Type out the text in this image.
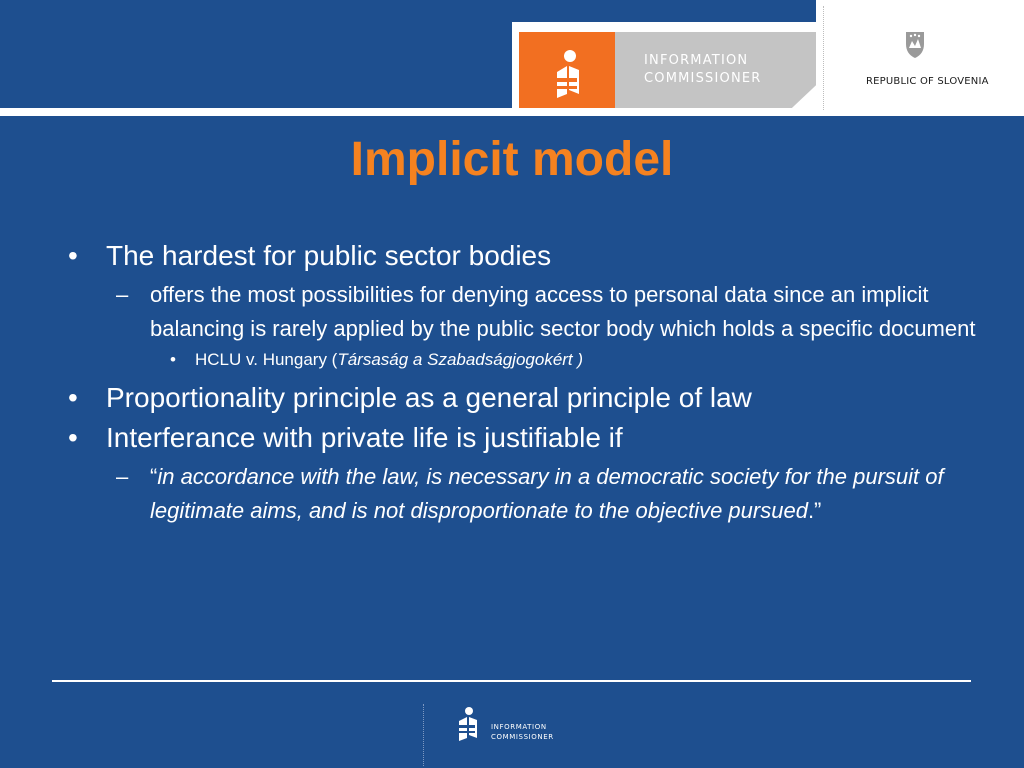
INFORMATION
COMMISSIONER	REPUBLIC OF SLOVENIA
Implicit model
• The hardest for public sector bodies
– offers the most possibilities for denying access to personal data since an implicit balancing is rarely applied by the public sector body which holds a specific document
• HCLU v. Hungary (Társaság a Szabadságjogokért )
• Proportionality principle as a general principle of law
• Interferance with private life is justifiable if
– “in accordance with the law, is necessary in a democratic society for the pursuit of legitimate aims, and is not disproportionate to the objective pursued.”
INFORMATION
COMMISSIONER
